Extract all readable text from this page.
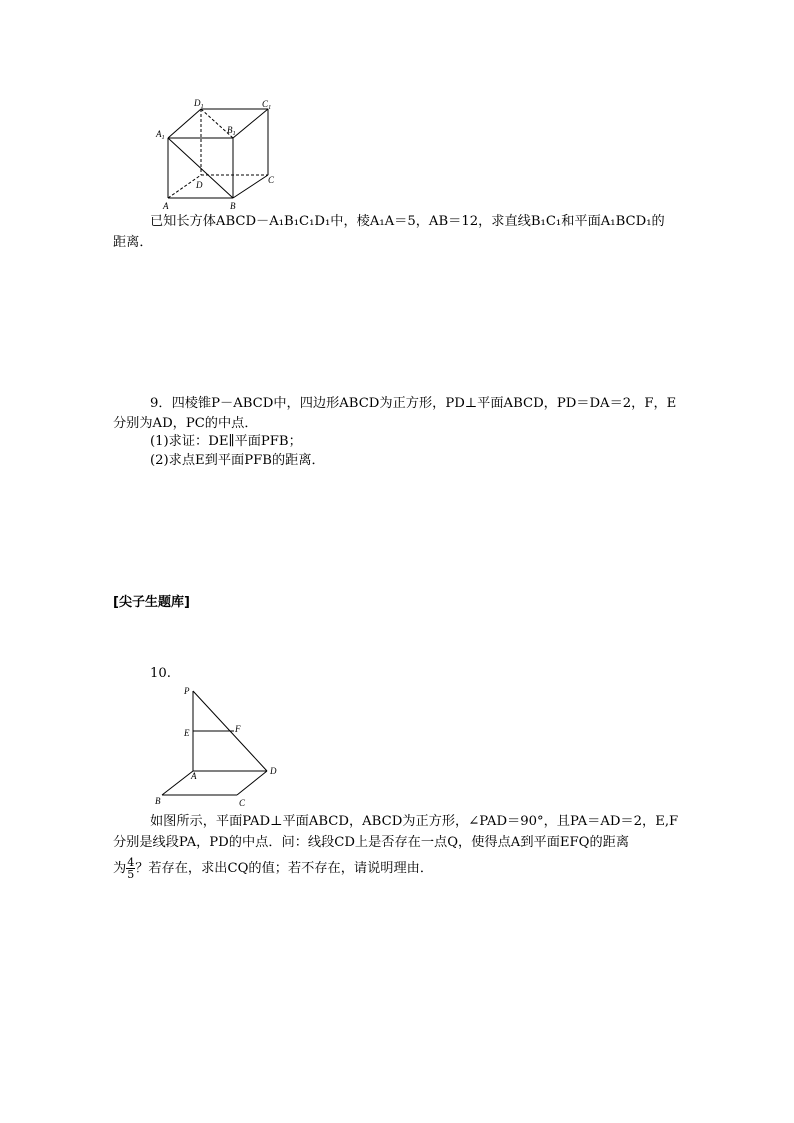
$A_1$
$D_1$	$C_1$
$B_1$
D	C
A	B
已知长方体ABCD－A₁B₁C₁D₁中，棱A₁A＝5，AB＝12，求直线B₁C₁和平面A₁BCD₁的
距离．
9．四棱锥P－ABCD中，四边形ABCD为正方形，PD⊥平面ABCD，PD＝DA＝2，F，E
分别为AD，PC的中点．
(1)求证：DE∥平面PFB；
(2)求点E到平面PFB的距离．
[尖子生题库]
10.
P
E	F
A	D
B	C
如图所示，平面PAD⊥平面ABCD，ABCD为正方形，∠PAD＝90°，且PA＝AD＝2，E,F
分别是线段PA，PD的中点．问：线段CD上是否存在一点Q，使得点A到平面EFQ的距离
为 $\frac{4}{5}$ ？若存在，求出CQ的值；若不存在，请说明理由．
